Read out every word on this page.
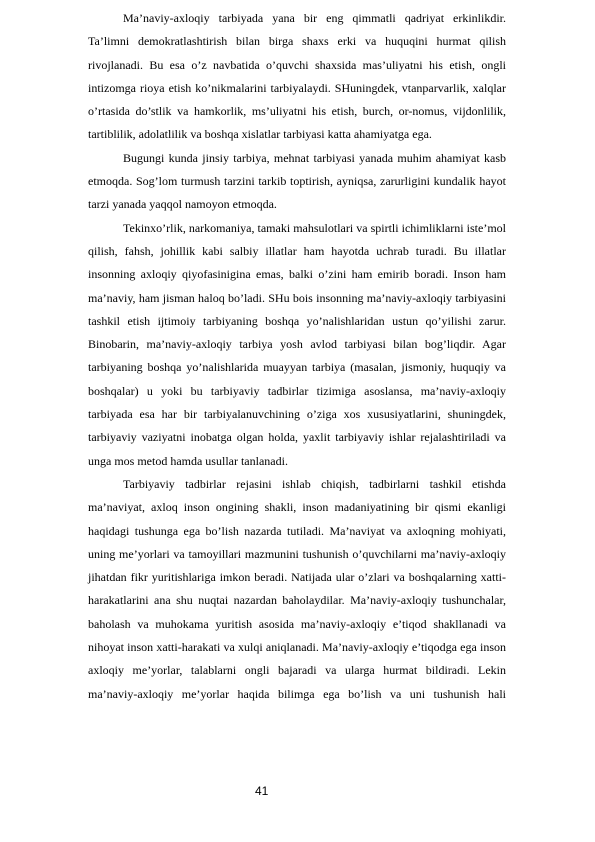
Ma’naviy-axloqiy tarbiyada yana bir eng qimmatli qadriyat erkinlikdir. Ta’limni demokratlashtirish bilan birga shaxs erki va huquqini hurmat qilish rivojlanadi. Bu esa o’z navbatida o’quvchi shaxsida mas’uliyatni his etish, ongli intizomga rioya etish ko’nikmalarini tarbiyalaydi. SHuningdek, vtanparvarlik, xalqlar o’rtasida do’stlik va hamkorlik, ms’uliyatni his etish, burch, or-nomus, vijdonlilik, tartiblilik, adolatlilik va boshqa xislatlar tarbiyasi katta ahamiyatga ega.

Bugungi kunda jinsiy tarbiya, mehnat tarbiyasi yanada muhim ahamiyat kasb etmoqda. Sog’lom turmush tarzini tarkib toptirish, ayniqsa, zarurligini kundalik hayot tarzi yanada yaqqol namoyon etmoqda.

Tekinxo’rlik, narkomaniya, tamaki mahsulotlari va spirtli ichimliklarni iste’mol qilish, fahsh, johillik kabi salbiy illatlar ham hayotda uchrab turadi. Bu illatlar insonning axloqiy qiyofasinigina emas, balki o’zini ham emirib boradi. Inson ham ma’naviy, ham jisman haloq bo’ladi. SHu bois insonning ma’naviy-axloqiy tarbiyasini tashkil etish ijtimoiy tarbiyaning boshqa yo’nalishlaridan ustun qo’yilishi zarur. Binobarin, ma’naviy-axloqiy tarbiya yosh avlod tarbiyasi bilan bog’liqdir. Agar tarbiyaning boshqa yo’nalishlarida muayyan tarbiya (masalan, jismoniy, huquqiy va boshqalar) u yoki bu tarbiyaviy tadbirlar tizimiga asoslansa, ma’naviy-axloqiy tarbiyada esa har bir tarbiyalanuvchining o’ziga xos xususiyatlarini, shuningdek, tarbiyaviy vaziyatni inobatga olgan holda, yaxlit tarbiyaviy ishlar rejalashtiriladi va unga mos metod hamda usullar tanlanadi.

Tarbiyaviy tadbirlar rejasini ishlab chiqish, tadbirlarni tashkil etishda ma’naviyat, axloq inson ongining shakli, inson madaniyatining bir qismi ekanligi haqidagi tushunga ega bo’lish nazarda tutiladi. Ma’naviyat va axloqning mohiyati, uning me’yorlari va tamoyillari mazmunini tushunish o’quvchilarni ma’naviy-axloqiy jihatdan fikr yuritishlariga imkon beradi. Natijada ular o’zlari va boshqalarning xatti-harakatlarini ana shu nuqtai nazardan baholaydilar. Ma’naviy-axloqiy tushunchalar, baholash va muhokama yuritish asosida ma’naviy-axloqiy e’tiqod shakllanadi va nihoyat inson xatti-harakati va xulqi aniqlanadi. Ma’naviy-axloqiy e’tiqodga ega inson axloqiy me’yorlar, talablarni ongli bajaradi va ularga hurmat bildiradi. Lekin ma’naviy-axloqiy me’yorlar haqida bilimga ega bo’lish va uni tushunish hali

41
